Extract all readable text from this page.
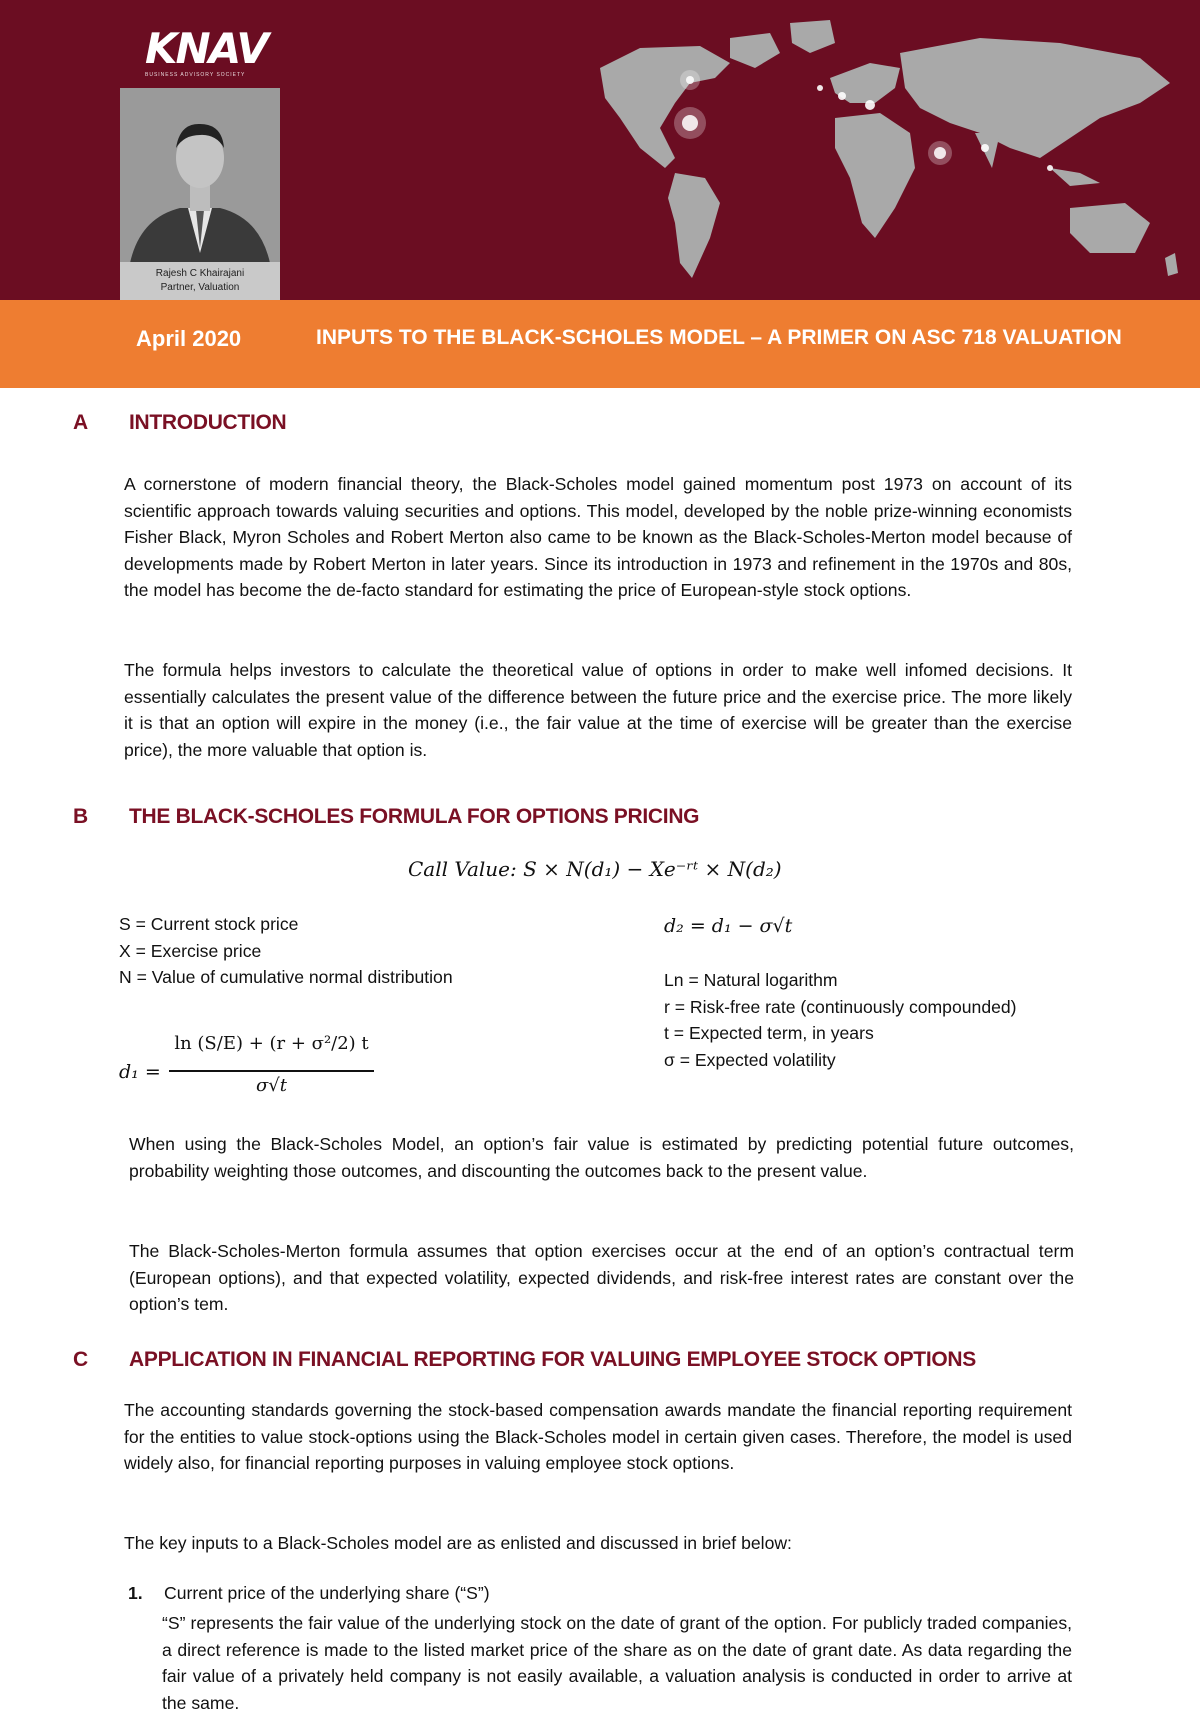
KNAV
BUSINESS ADVISORY SOCIETY
Rajesh C Khairajani
Partner, Valuation
April 2020	INPUTS TO THE BLACK-SCHOLES MODEL – A PRIMER ON ASC 718 VALUATION
A INTRODUCTION
A cornerstone of modern financial theory, the Black-Scholes model gained momentum post 1973 on account of its scientific approach towards valuing securities and options. This model, developed by the noble prize-winning economists Fisher Black, Myron Scholes and Robert Merton also came to be known as the Black-Scholes-Merton model because of developments made by Robert Merton in later years. Since its introduction in 1973 and refinement in the 1970s and 80s, the model has become the de-facto standard for estimating the price of European-style stock options.
The formula helps investors to calculate the theoretical value of options in order to make well infomed decisions. It essentially calculates the present value of the difference between the future price and the exercise price. The more likely it is that an option will expire in the money (i.e., the fair value at the time of exercise will be greater than the exercise price), the more valuable that option is.
B THE BLACK-SCHOLES FORMULA FOR OPTIONS PRICING
Call Value: S × N(d₁) − Xe⁻ʳᵗ × N(d₂)
S = Current stock price
X = Exercise price
N = Value of cumulative normal distribution
d₂ = d₁ − σ√t
Ln = Natural logarithm
r = Risk-free rate (continuously compounded)
t = Expected term, in years
σ = Expected volatility
d₁ =
ln (S/E) + (r + σ²/2) t
σ√t
When using the Black-Scholes Model, an option’s fair value is estimated by predicting potential future outcomes, probability weighting those outcomes, and discounting the outcomes back to the present value.
The Black-Scholes-Merton formula assumes that option exercises occur at the end of an option’s contractual term (European options), and that expected volatility, expected dividends, and risk-free interest rates are constant over the option’s tem.
C APPLICATION IN FINANCIAL REPORTING FOR VALUING EMPLOYEE STOCK OPTIONS
The accounting standards governing the stock-based compensation awards mandate the financial reporting requirement for the entities to value stock-options using the Black-Scholes model in certain given cases. Therefore, the model is used widely also, for financial reporting purposes in valuing employee stock options.
The key inputs to a Black-Scholes model are as enlisted and discussed in brief below:
1. Current price of the underlying share (“S”)
“S” represents the fair value of the underlying stock on the date of grant of the option. For publicly traded companies, a direct reference is made to the listed market price of the share as on the date of grant date. As data regarding the fair value of a privately held company is not easily available, a valuation analysis is conducted in order to arrive at the same.
